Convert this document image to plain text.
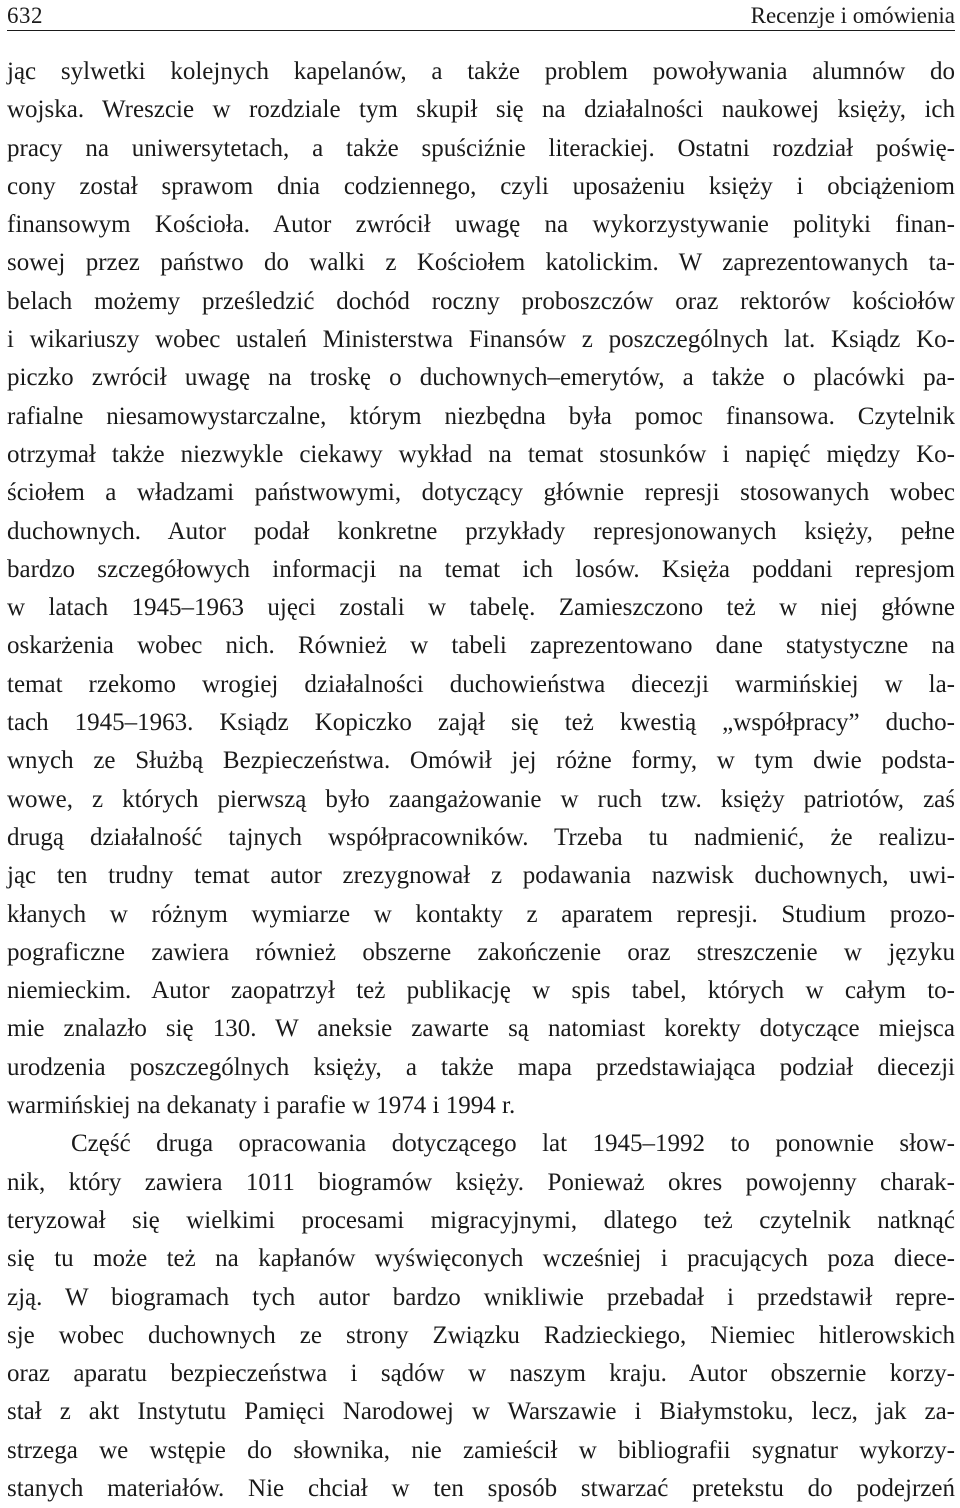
632	Recenzje i omówienia

jąc sylwetki kolejnych kapelanów, a także problem powoływania alumnów do
wojska. Wreszcie w rozdziale tym skupił się na działalności naukowej księży, ich
pracy na uniwersytetach, a także spuściźnie literackiej. Ostatni rozdział poświę-
cony został sprawom dnia codziennego, czyli uposażeniu księży i obciążeniom
finansowym Kościoła. Autor zwrócił uwagę na wykorzystywanie polityki finan-
sowej przez państwo do walki z Kościołem katolickim. W zaprezentowanych ta-
belach możemy prześledzić dochód roczny proboszczów oraz rektorów kościołów
i wikariuszy wobec ustaleń Ministerstwa Finansów z poszczególnych lat. Ksiądz Ko-
piczko zwrócił uwagę na troskę o duchownych–emerytów, a także o placówki pa-
rafialne niesamowystarczalne, którym niezbędna była pomoc finansowa. Czytelnik
otrzymał także niezwykle ciekawy wykład na temat stosunków i napięć między Ko-
ściołem a władzami państwowymi, dotyczący głównie represji stosowanych wobec
duchownych. Autor podał konkretne przykłady represjonowanych księży, pełne
bardzo szczegółowych informacji na temat ich losów. Księża poddani represjom
w latach 1945–1963 ujęci zostali w tabelę. Zamieszczono też w niej główne
oskarżenia wobec nich. Również w tabeli zaprezentowano dane statystyczne na
temat rzekomo wrogiej działalności duchowieństwa diecezji warmińskiej w la-
tach 1945–1963. Ksiądz Kopiczko zajął się też kwestią „współpracy” ducho-
wnych ze Służbą Bezpieczeństwa. Omówił jej różne formy, w tym dwie podsta-
wowe, z których pierwszą było zaangażowanie w ruch tzw. księży patriotów, zaś
drugą działalność tajnych współpracowników. Trzeba tu nadmienić, że realizu-
jąc ten trudny temat autor zrezygnował z podawania nazwisk duchownych, uwi-
kłanych w różnym wymiarze w kontakty z aparatem represji. Studium prozo-
pograficzne zawiera również obszerne zakończenie oraz streszczenie w języku
niemieckim. Autor zaopatrzył też publikację w spis tabel, których w całym to-
mie znalazło się 130. W aneksie zawarte są natomiast korekty dotyczące miejsca
urodzenia poszczególnych księży, a także mapa przedstawiająca podział diecezji
warmińskiej na dekanaty i parafie w 1974 i 1994 r.

Część druga opracowania dotyczącego lat 1945–1992 to ponownie słow-
nik, który zawiera 1011 biogramów księży. Ponieważ okres powojenny charak-
teryzował się wielkimi procesami migracyjnymi, dlatego też czytelnik natknąć
się tu może też na kapłanów wyświęconych wcześniej i pracujących poza diece-
zją. W biogramach tych autor bardzo wnikliwie przebadał i przedstawił repre-
sje wobec duchownych ze strony Związku Radzieckiego, Niemiec hitlerowskich
oraz aparatu bezpieczeństwa i sądów w naszym kraju. Autor obszernie korzy-
stał z akt Instytutu Pamięci Narodowej w Warszawie i Białymstoku, lecz, jak za-
strzega we wstępie do słownika, nie zamieścił w bibliografii sygnatur wykorzy-
stanych materiałów. Nie chciał w ten sposób stwarzać pretekstu do podejrzeń
